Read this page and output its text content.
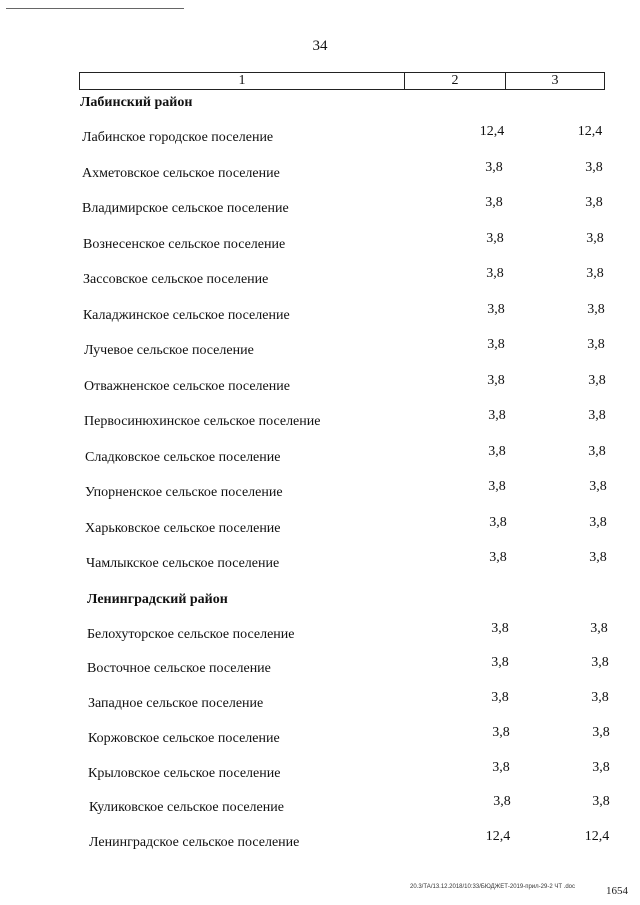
34
1	2	3
Лабинский район
Лабинское городское поселение	12,4	12,4
Ахметовское сельское поселение	3,8	3,8
Владимирское сельское поселение	3,8	3,8
Вознесенское сельское поселение	3,8	3,8
Зассовское сельское поселение	3,8	3,8
Каладжинское сельское поселение	3,8	3,8
Лучевое сельское поселение	3,8	3,8
Отважненское сельское поселение	3,8	3,8
Первосинюхинское сельское поселение	3,8	3,8
Сладковское сельское поселение	3,8	3,8
Упорненское сельское поселение	3,8	3,8
Харьковское сельское поселение	3,8	3,8
Чамлыкское сельское поселение	3,8	3,8
Ленинградский район
Белохуторское сельское поселение	3,8	3,8
Восточное сельское поселение	3,8	3,8
Западное сельское поселение	3,8	3,8
Коржовское сельское поселение	3,8	3,8
Крыловское сельское поселение	3,8	3,8
Куликовское сельское поселение	3,8	3,8
Ленинградское сельское поселение	12,4	12,4
20.3/ТА/13.12.2018/10:33/БЮДЖЕТ-2019-прил-29-2 ЧТ .doc	1654
